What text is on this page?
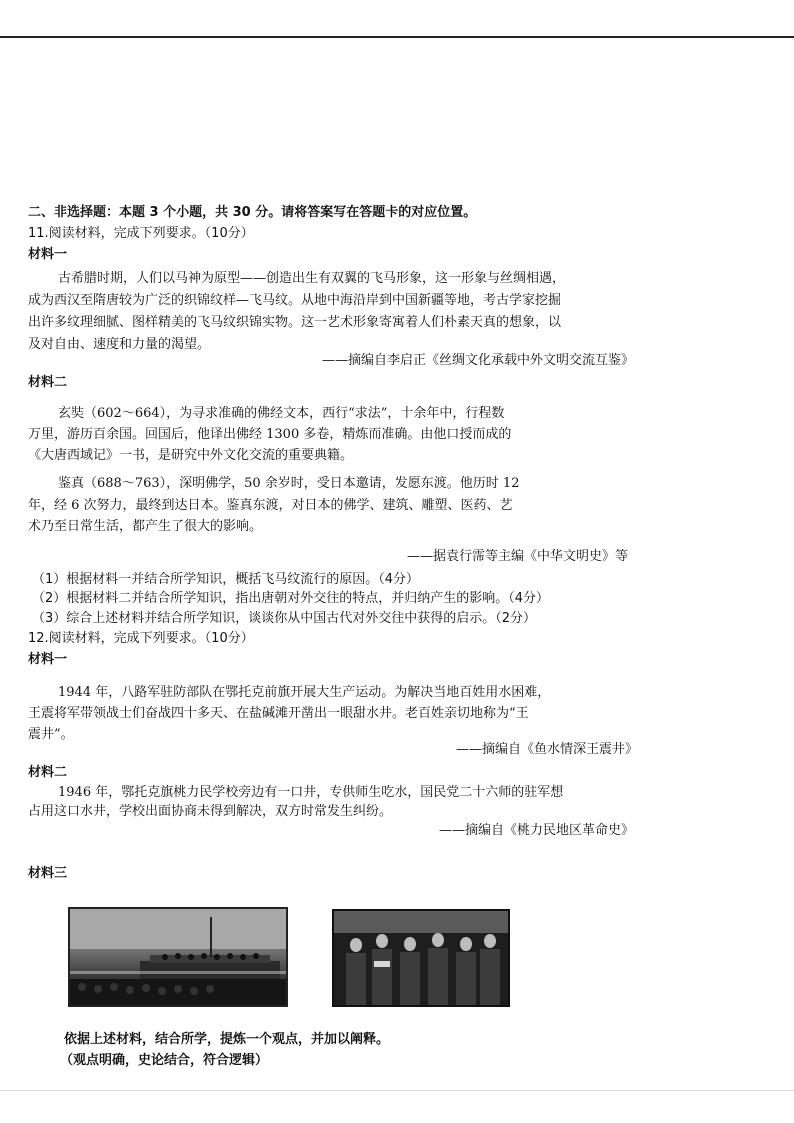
二、非选择题：本题 3 个小题，共 30 分。请将答案写在答题卡的对应位置。
11.阅读材料，完成下列要求。（10分）
材料一
古希腊时期，人们以马神为原型——创造出生有双翼的飞马形象，这一形象与丝绸相遇，
成为西汉至隋唐较为广泛的织锦纹样—飞马纹。从地中海沿岸到中国新疆等地，考古学家挖掘
出许多纹理细腻、图样精美的飞马纹织锦实物。这一艺术形象寄寓着人们朴素天真的想象，以
及对自由、速度和力量的渴望。
——摘编自李启正《丝绸文化承载中外文明交流互鉴》
材料二
玄奘（602～664），为寻求准确的佛经文本，西行“求法”，十余年中，行程数
万里，游历百余国。回国后，他译出佛经 1300 多卷，精炼而准确。由他口授而成的
《大唐西域记》一书，是研究中外文化交流的重要典籍。
鉴真（688～763），深明佛学，50 余岁时，受日本邀请，发愿东渡。他历时 12
年，经 6 次努力，最终到达日本。鉴真东渡，对日本的佛学、建筑、雕塑、医药、艺
术乃至日常生活，都产生了很大的影响。
——据袁行霈等主编《中华文明史》等
（1）根据材料一并结合所学知识，概括飞马纹流行的原因。（4分）
（2）根据材料二并结合所学知识，指出唐朝对外交往的特点，并归纳产生的影响。（4分）
（3）综合上述材料并结合所学知识，谈谈你从中国古代对外交往中获得的启示。（2分）
12.阅读材料，完成下列要求。（10分）
材料一
1944 年，八路军驻防部队在鄂托克前旗开展大生产运动。为解决当地百姓用水困难，
王震将军带领战士们奋战四十多天、在盐碱滩开凿出一眼甜水井。老百姓亲切地称为“王
震井”。
——摘编自《鱼水情深王震井》
材料二
1946 年，鄂托克旗桃力民学校旁边有一口井，专供师生吃水，国民党二十六师的驻军想
占用这口水井，学校出面协商未得到解决，双方时常发生纠纷。
——摘编自《桃力民地区革命史》
材料三
依据上述材料，结合所学，提炼一个观点，并加以阐释。
（观点明确，史论结合，符合逻辑）
